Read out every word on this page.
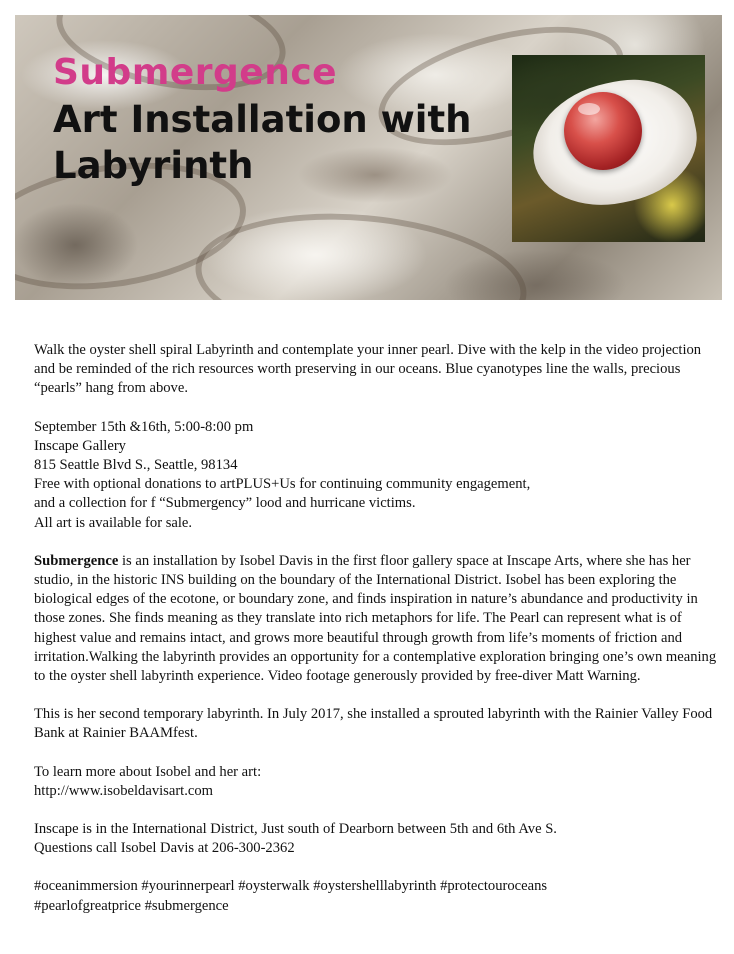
Submergence
Art Installation with Labyrinth

Walk the oyster shell spiral Labyrinth and contemplate your inner pearl. Dive with the kelp in the video projection and be reminded of the rich resources worth preserving in our oceans. Blue cyanotypes line the walls, precious “pearls” hang from above.

September 15th &16th, 5:00-8:00 pm

Inscape Gallery

815 Seattle Blvd S., Seattle, 98134

Free with optional donations to artPLUS+Us for continuing community engagement,

and a collection for f “Submergency” lood and hurricane victims.

All art is available for sale.

Submergence is an installation by Isobel Davis in the first floor gallery space at Inscape Arts, where she has her studio, in the historic INS building on the boundary of the International District. Isobel has been exploring the biological edges of the ecotone, or boundary zone, and finds inspiration in nature’s abundance and productivity in those zones. She finds meaning as they translate into rich metaphors for life. The Pearl can represent what is of highest value and remains intact, and grows more beautiful through growth from life’s moments of friction and irritation.Walking the labyrinth provides an opportunity for a contemplative exploration bringing one’s own meaning to the oyster shell labyrinth experience. Video footage generously provided by free-diver Matt Warning.

This is her second temporary labyrinth. In July 2017, she installed a sprouted labyrinth with the Rainier Valley Food Bank at Rainier BAAMfest.

To learn more about Isobel and her art:

http://www.isobeldavisart.com

Inscape is in the International District, Just south of Dearborn between 5th and 6th Ave S.

Questions call Isobel Davis at 206-300-2362

#oceanimmersion #yourinnerpearl #oysterwalk #oystershelllabyrinth #protectouroceans

#pearlofgreatprice #submergence
